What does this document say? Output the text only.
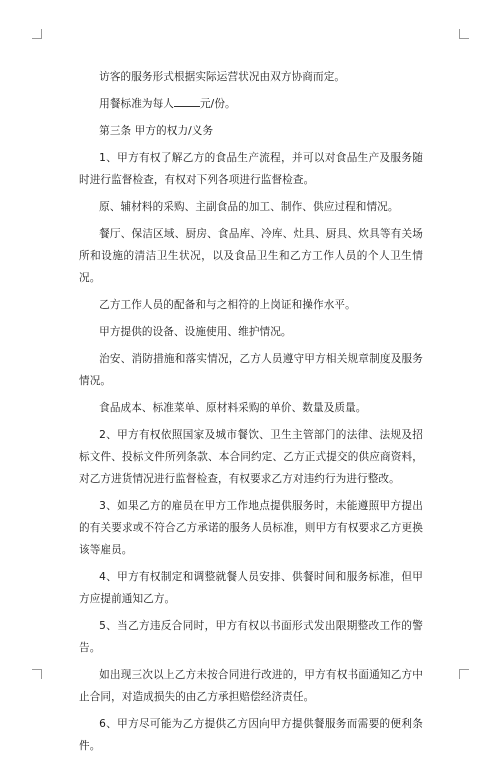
访客的服务形式根据实际运营状况由双方协商而定。

用餐标准为每人 元/份。

第三条 甲方的权力/义务

1、甲方有权了解乙方的食品生产流程，并可以对食品生产及服务随时进行监督检查，有权对下列各项进行监督检查。

原、辅材料的采购、主副食品的加工、制作、供应过程和情况。

餐厅、保洁区域、厨房、食品库、冷库、灶具、厨具、炊具等有关场所和设施的清洁卫生状况，以及食品卫生和乙方工作人员的个人卫生情况。

乙方工作人员的配备和与之相符的上岗证和操作水平。

甲方提供的设备、设施使用、维护情况。

治安、消防措施和落实情况，乙方人员遵守甲方相关规章制度及服务情况。

食品成本、标准菜单、原材料采购的单价、数量及质量。

2、甲方有权依照国家及城市餐饮、卫生主管部门的法律、法规及招标文件、投标文件所列条款、本合同约定、乙方正式提交的供应商资料，对乙方进货情况进行监督检查，有权要求乙方对违约行为进行整改。

3、如果乙方的雇员在甲方工作地点提供服务时，未能遵照甲方提出的有关要求或不符合乙方承诺的服务人员标准，则甲方有权要求乙方更换该等雇员。

4、甲方有权制定和调整就餐人员安排、供餐时间和服务标准，但甲方应提前通知乙方。

5、当乙方违反合同时，甲方有权以书面形式发出限期整改工作的警告。

如出现三次以上乙方未按合同进行改进的，甲方有权书面通知乙方中止合同，对造成损失的由乙方承担赔偿经济责任。

6、甲方尽可能为乙方提供乙方因向甲方提供餐服务而需要的便利条件。
